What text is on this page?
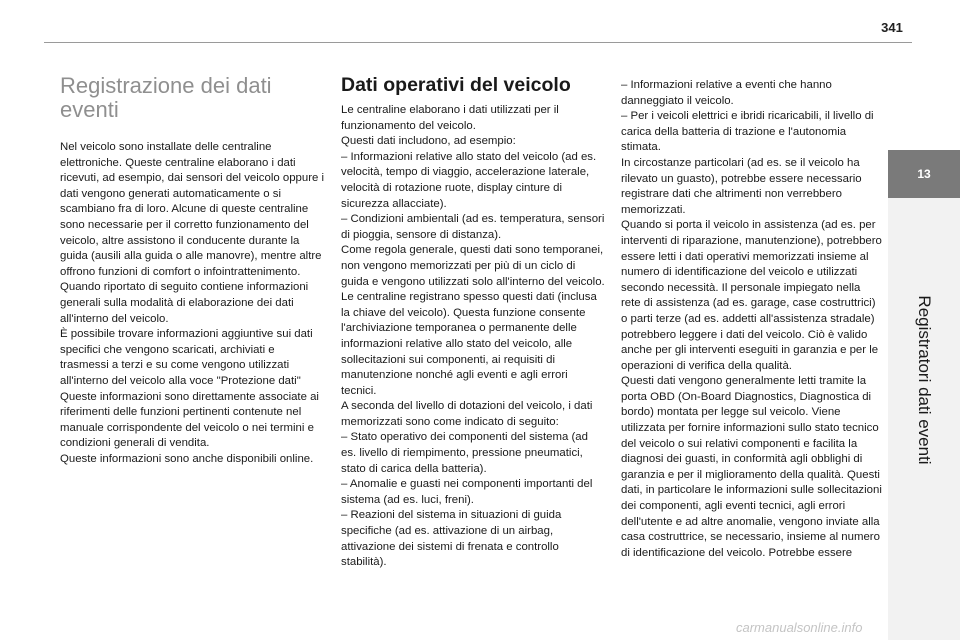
341
13
Registratori dati eventi
Registrazione dei dati eventi

Nel veicolo sono installate delle centraline elettroniche. Queste centraline elaborano i dati ricevuti, ad esempio, dai sensori del veicolo oppure i dati vengono generati automaticamente o si scambiano fra di loro. Alcune di queste centraline sono necessarie per il corretto funzionamento del veicolo, altre assistono il conducente durante la guida (ausili alla guida o alle manovre), mentre altre offrono funzioni di comfort o infointrattenimento.
Quando riportato di seguito contiene informazioni generali sulla modalità di elaborazione dei dati all'interno del veicolo.
È possibile trovare informazioni aggiuntive sui dati specifici che vengono scaricati, archiviati e trasmessi a terzi e su come vengono utilizzati all'interno del veicolo alla voce "Protezione dati"
Queste informazioni sono direttamente associate ai riferimenti delle funzioni pertinenti contenute nel manuale corrispondente del veicolo o nei termini e condizioni generali di vendita.
Queste informazioni sono anche disponibili online.

Dati operativi del veicolo

Le centraline elaborano i dati utilizzati per il funzionamento del veicolo.
Questi dati includono, ad esempio:
– Informazioni relative allo stato del veicolo (ad es. velocità, tempo di viaggio, accelerazione laterale, velocità di rotazione ruote, display cinture di sicurezza allacciate).
– Condizioni ambientali (ad es. temperatura, sensori di pioggia, sensore di distanza).
Come regola generale, questi dati sono temporanei, non vengono memorizzati per più di un ciclo di guida e vengono utilizzati solo all'interno del veicolo. Le centraline registrano spesso questi dati (inclusa la chiave del veicolo). Questa funzione consente l'archiviazione temporanea o permanente delle informazioni relative allo stato del veicolo, alle sollecitazioni sui componenti, ai requisiti di manutenzione nonché agli eventi e agli errori tecnici.
A seconda del livello di dotazioni del veicolo, i dati memorizzati sono come indicato di seguito:
– Stato operativo dei componenti del sistema (ad es. livello di riempimento, pressione pneumatici, stato di carica della batteria).
– Anomalie e guasti nei componenti importanti del sistema (ad es. luci, freni).
– Reazioni del sistema in situazioni di guida specifiche (ad es. attivazione di un airbag, attivazione dei sistemi di frenata e controllo stabilità).

– Informazioni relative a eventi che hanno danneggiato il veicolo.
– Per i veicoli elettrici e ibridi ricaricabili, il livello di carica della batteria di trazione e l'autonomia stimata.
In circostanze particolari (ad es. se il veicolo ha rilevato un guasto), potrebbe essere necessario registrare dati che altrimenti non verrebbero memorizzati.
Quando si porta il veicolo in assistenza (ad es. per interventi di riparazione, manutenzione), potrebbero essere letti i dati operativi memorizzati insieme al numero di identificazione del veicolo e utilizzati secondo necessità. Il personale impiegato nella rete di assistenza (ad es. garage, case costruttrici) o parti terze (ad es. addetti all'assistenza stradale) potrebbero leggere i dati del veicolo. Ciò è valido anche per gli interventi eseguiti in garanzia e per le operazioni di verifica della qualità.
Questi dati vengono generalmente letti tramite la porta OBD (On-Board Diagnostics, Diagnostica di bordo) montata per legge sul veicolo. Viene utilizzata per fornire informazioni sullo stato tecnico del veicolo o sui relativi componenti e facilita la diagnosi dei guasti, in conformità agli obblighi di garanzia e per il miglioramento della qualità. Questi dati, in particolare le informazioni sulle sollecitazioni dei componenti, agli eventi tecnici, agli errori dell'utente e ad altre anomalie, vengono inviate alla casa costruttrice, se necessario, insieme al numero di identificazione del veicolo. Potrebbe essere

carmanualsonline.info
